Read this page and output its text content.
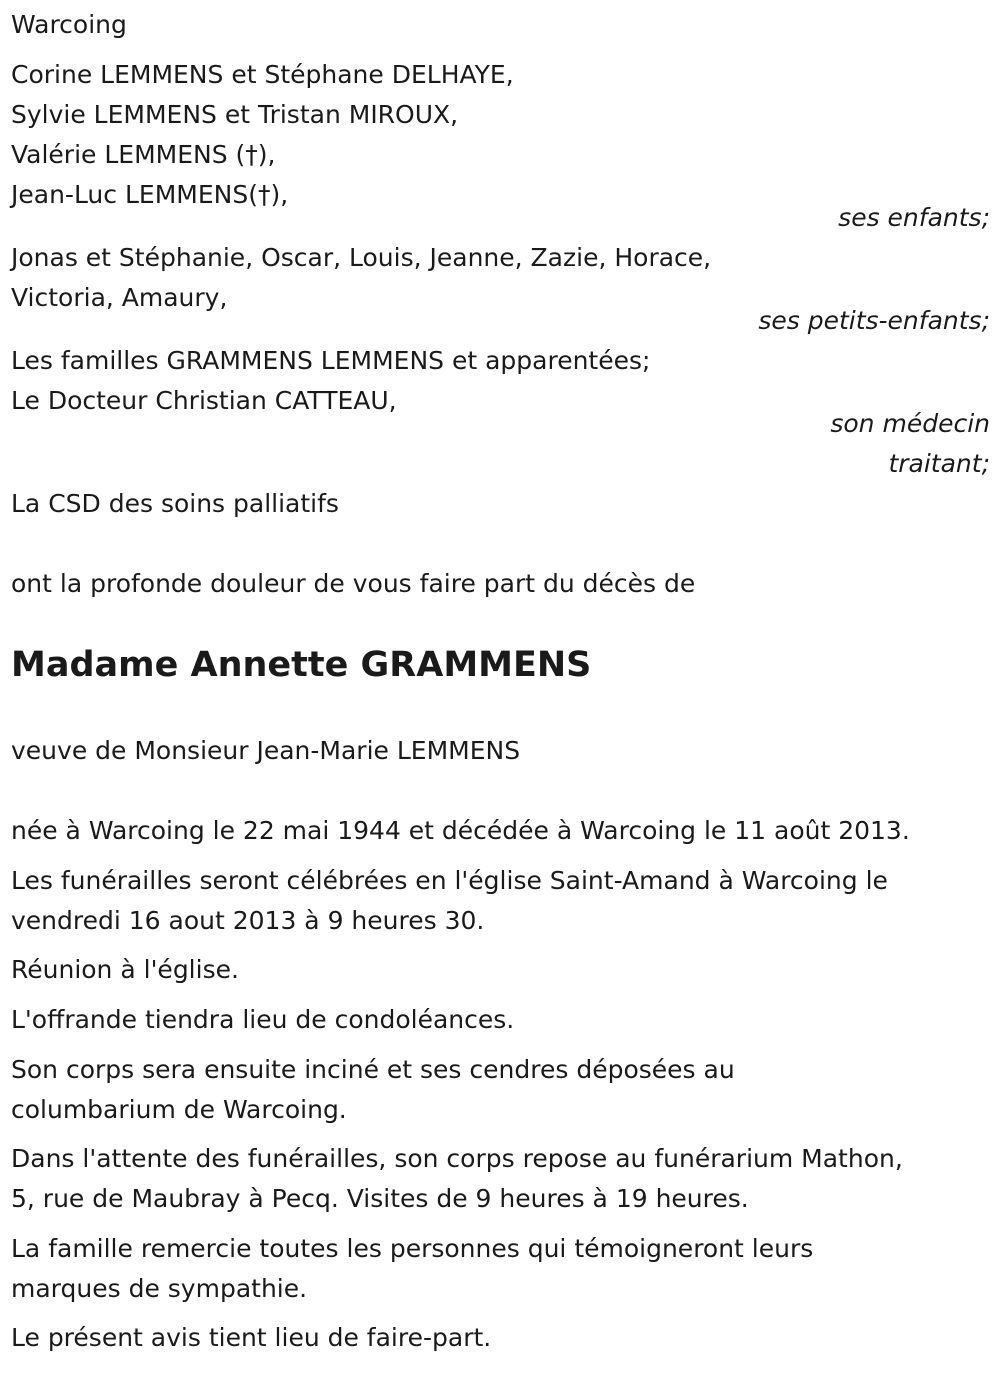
Warcoing
Corine LEMMENS et Stéphane DELHAYE,
Sylvie LEMMENS et Tristan MIROUX,
Valérie LEMMENS (†),
Jean-Luc LEMMENS(†),
ses enfants;
Jonas et Stéphanie, Oscar, Louis, Jeanne, Zazie, Horace,
Victoria, Amaury,
ses petits-enfants;
Les familles GRAMMENS LEMMENS et apparentées;
Le Docteur Christian CATTEAU,
son médecin
traitant;
La CSD des soins palliatifs
ont la profonde douleur de vous faire part du décès de
Madame Annette GRAMMENS
veuve de Monsieur Jean-Marie LEMMENS
née à Warcoing le 22 mai 1944 et décédée à Warcoing le 11 août 2013.
Les funérailles seront célébrées en l'église Saint-Amand à Warcoing le
vendredi 16 aout 2013 à 9 heures 30.
Réunion à l'église.
L'offrande tiendra lieu de condoléances.
Son corps sera ensuite inciné et ses cendres déposées au
columbarium de Warcoing.
Dans l'attente des funérailles, son corps repose au funérarium Mathon,
5, rue de Maubray à Pecq. Visites de 9 heures à 19 heures.
La famille remercie toutes les personnes qui témoigneront leurs
marques de sympathie.
Le présent avis tient lieu de faire-part.
